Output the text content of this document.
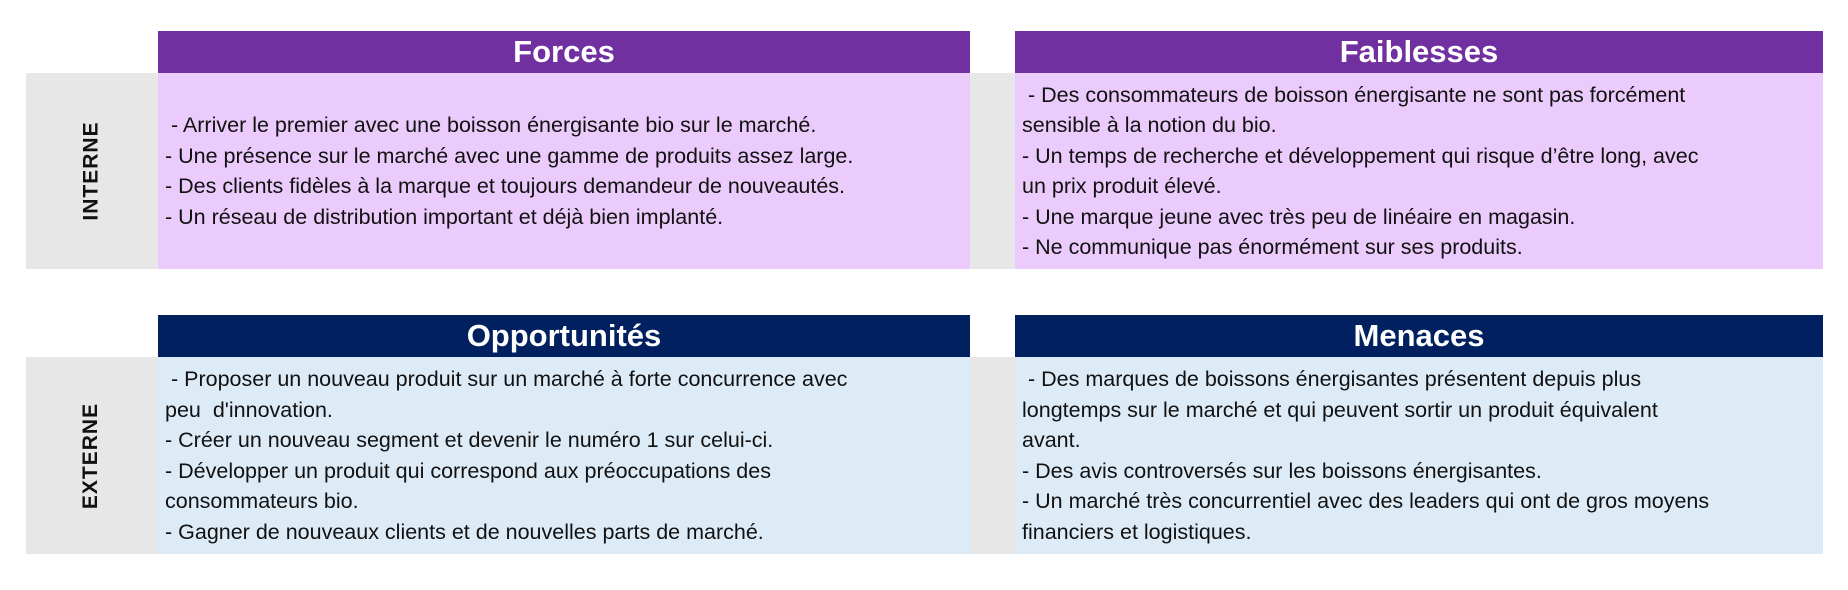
INTERNE
EXTERNE
Forces
- Arriver le premier avec une boisson énergisante bio sur le marché.
- Une présence sur le marché avec une gamme de produits assez large.
- Des clients fidèles à la marque et toujours demandeur de nouveautés.
- Un réseau de distribution important et déjà bien implanté.
Faiblesses
- Des consommateurs de boisson énergisante ne sont pas forcément
sensible à la notion du bio.
- Un temps de recherche et développement qui risque d’être long, avec
un prix produit élevé.
- Une marque jeune avec très peu de linéaire en magasin.
- Ne communique pas énormément sur ses produits.
Opportunités
- Proposer un nouveau produit sur un marché à forte concurrence avec
peu  d'innovation.
- Créer un nouveau segment et devenir le numéro 1 sur celui-ci.
- Développer un produit qui correspond aux préoccupations des
consommateurs bio.
- Gagner de nouveaux clients et de nouvelles parts de marché.
Menaces
- Des marques de boissons énergisantes présentent depuis plus
longtemps sur le marché et qui peuvent sortir un produit équivalent
avant.
- Des avis controversés sur les boissons énergisantes.
- Un marché très concurrentiel avec des leaders qui ont de gros moyens
financiers et logistiques.
